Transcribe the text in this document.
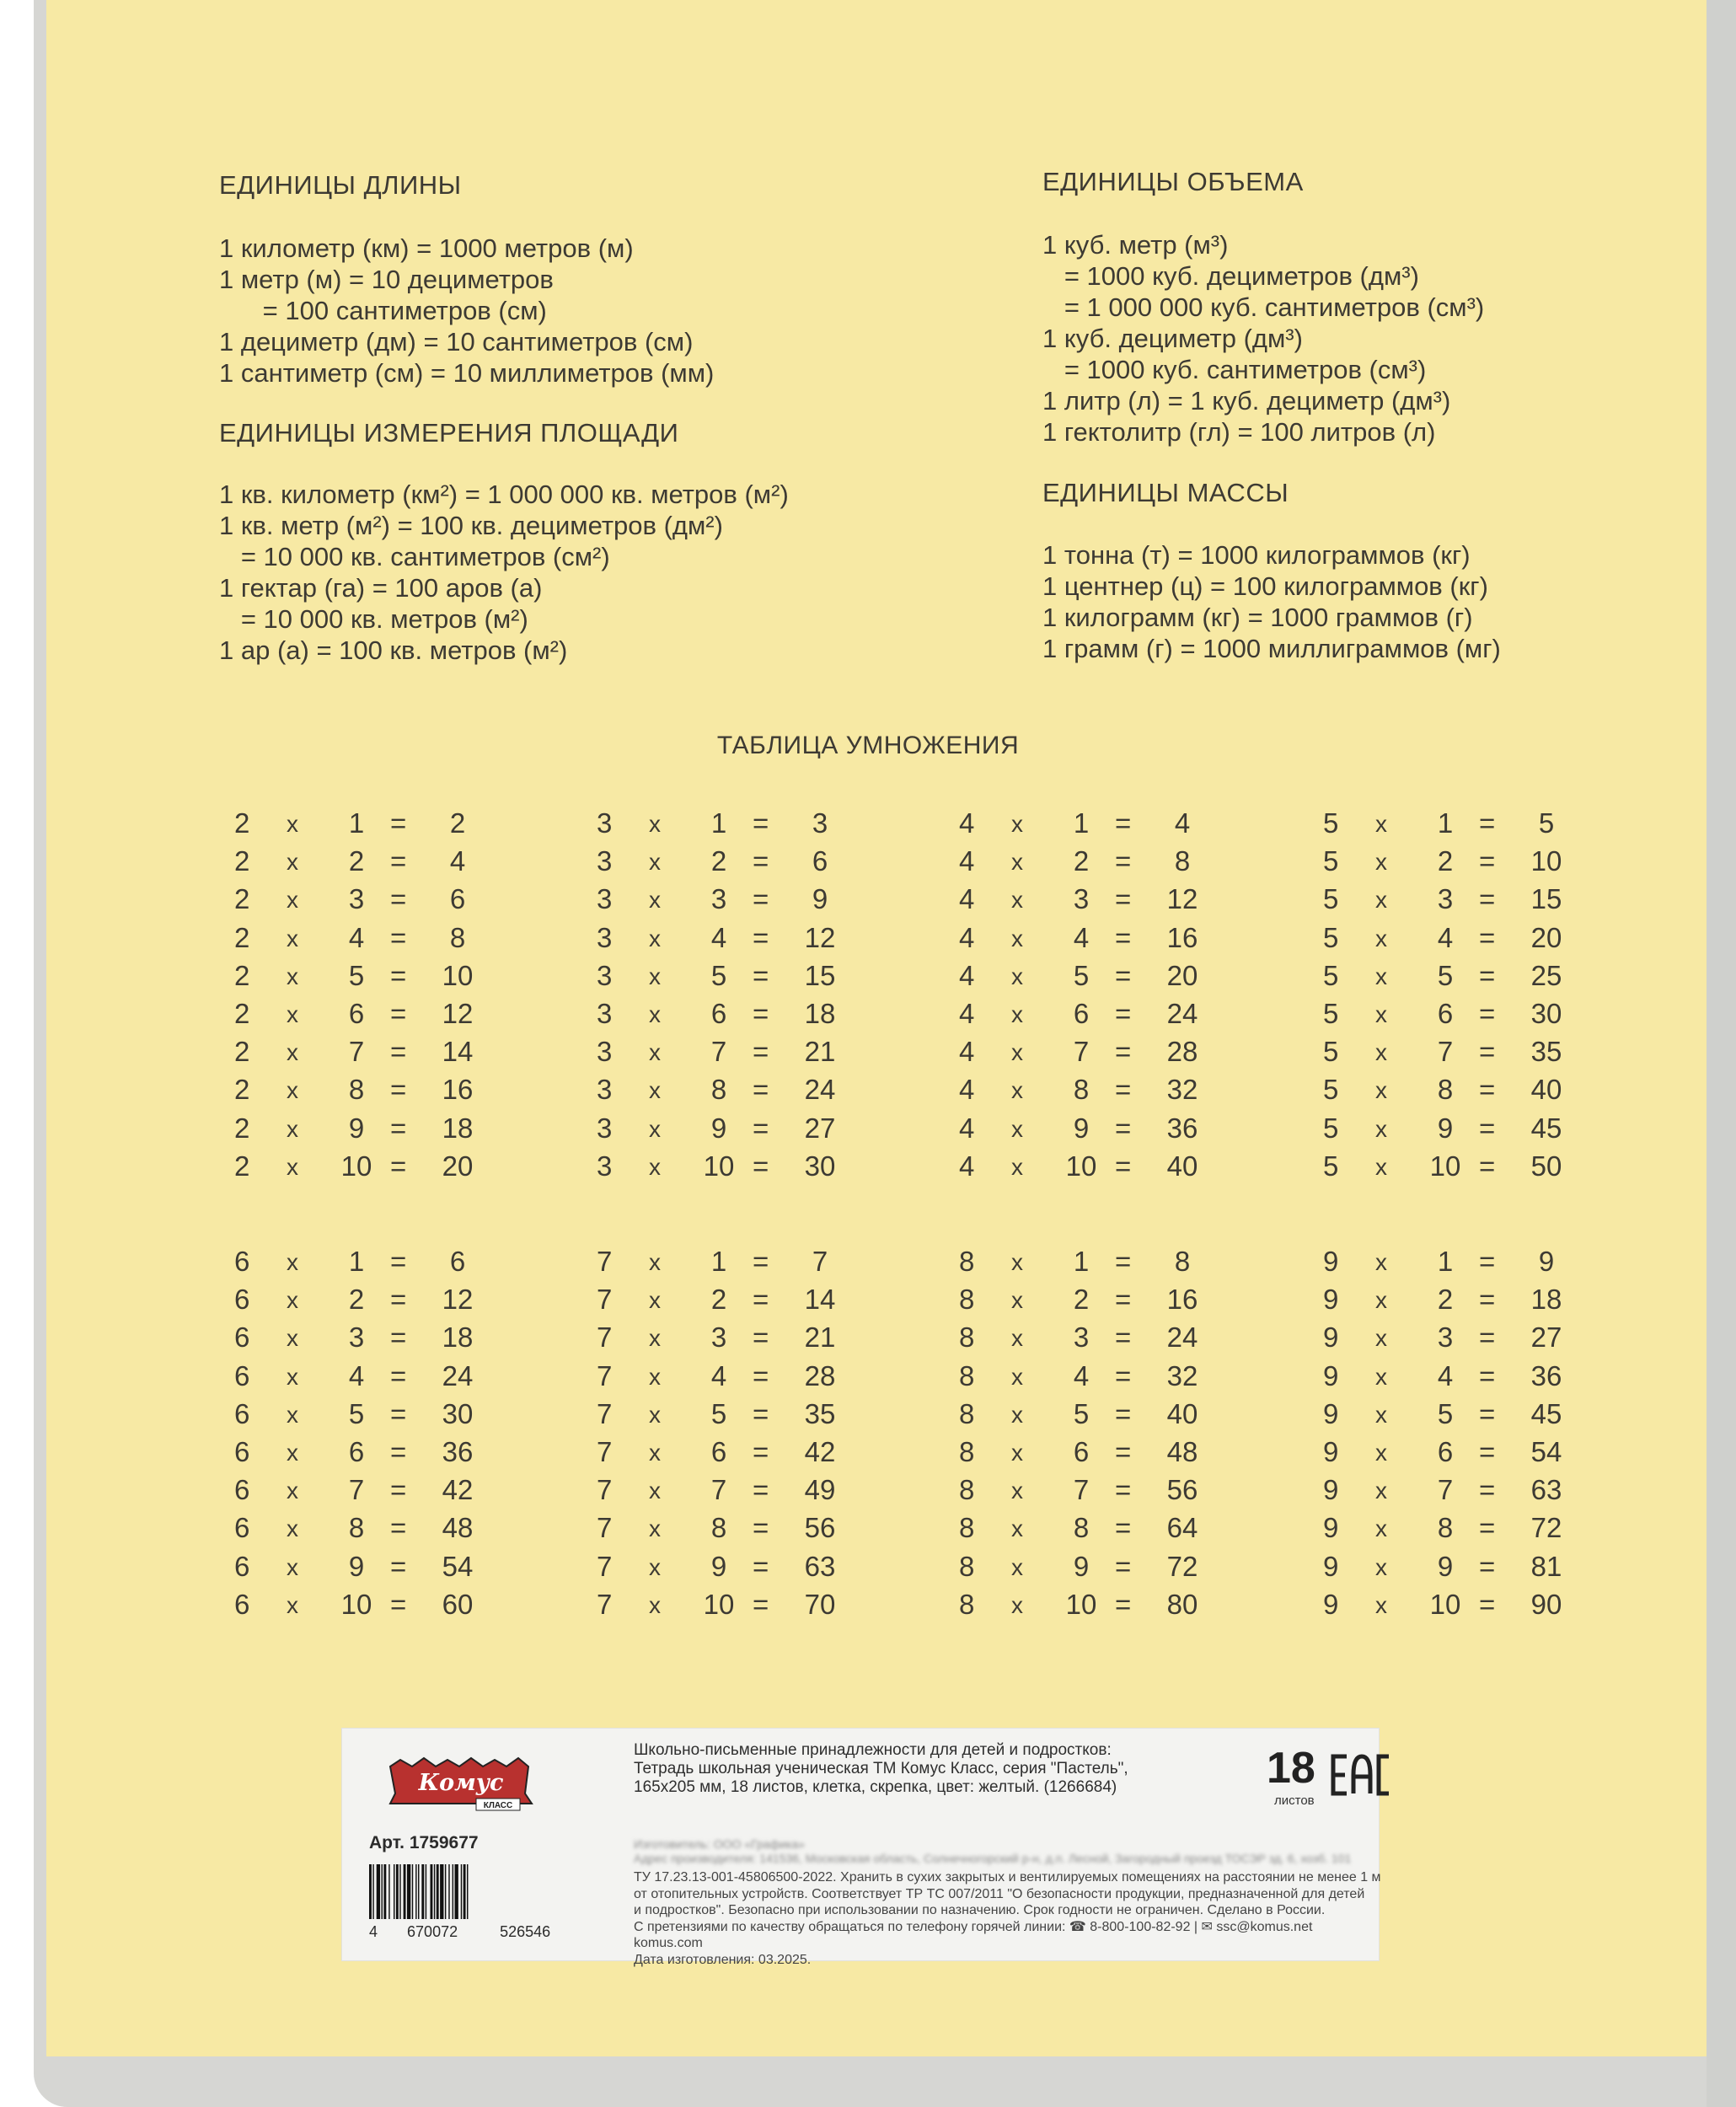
ЕДИНИЦЫ ДЛИНЫ
1 километр (км) = 1000 метров (м)
1 метр (м) = 10 дециметров
= 100 сантиметров (см)
1 дециметр (дм) = 10 сантиметров (см)
1 сантиметр (см) = 10 миллиметров (мм)
ЕДИНИЦЫ ИЗМЕРЕНИЯ ПЛОЩАДИ
1 кв. километр (км²) = 1 000 000 кв. метров (м²)
1 кв. метр (м²) = 100 кв. дециметров (дм²)
= 10 000 кв. сантиметров (см²)
1 гектар (га) = 100 аров (а)
= 10 000 кв. метров (м²)
1 ар (а) = 100 кв. метров (м²)
ЕДИНИЦЫ ОБЪЕМА
1 куб. метр (м³)
= 1000 куб. дециметров (дм³)
= 1 000 000 куб. сантиметров (см³)
1 куб. дециметр (дм³)
= 1000 куб. сантиметров (см³)
1 литр (л) = 1 куб. дециметр (дм³)
1 гектолитр (гл) = 100 литров (л)
ЕДИНИЦЫ МАССЫ
1 тонна (т) = 1000 килограммов (кг)
1 центнер (ц) = 100 килограммов (кг)
1 килограмм (кг) = 1000 граммов (г)
1 грамм (г) = 1000 миллиграммов (мг)
ТАБЛИЦА УМНОЖЕНИЯ
2 x	1 =	2
2 x	2 =	4
2 x	3 =	6
2 x	4 =	8
2 x	5 =	10
2 x	6 =	12
2 x	7 =	14
2 x	8 =	16
2 x	9 =	18
2 x 10 =	20
3 x	1 =	3
3 x	2 =	6
3 x	3 =	9
3 x	4 =	12
3 x	5 =	15
3 x	6 =	18
3 x	7 =	21
3 x	8 =	24
3 x	9 =	27
3 x 10 =	30
4 x	1 =	4
4 x	2 =	8
4 x	3 =	12
4 x	4 =	16
4 x	5 =	20
4 x	6 =	24
4 x	7 =	28
4 x	8 =	32
4 x	9 =	36
4 x 10 =	40
5 x	1 =	5
5 x	2 =	10
5 x	3 =	15
5 x	4 =	20
5 x	5 =	25
5 x	6 =	30
5 x	7 =	35
5 x	8 =	40
5 x	9 =	45
5 x 10 =	50
6 x	1 =	6
6 x	2 =	12
6 x	3 =	18
6 x	4 =	24
6 x	5 =	30
6 x	6 =	36
6 x	7 =	42
6 x	8 =	48
6 x	9 =	54
6 x 10 =	60
7 x	1 =	7
7 x	2 =	14
7 x	3 =	21
7 x	4 =	28
7 x	5 =	35
7 x	6 =	42
7 x	7 =	49
7 x	8 =	56
7 x	9 =	63
7 x 10 =	70
8 x	1 =	8
8 x	2 =	16
8 x	3 =	24
8 x	4 =	32
8 x	5 =	40
8 x	6 =	48
8 x	7 =	56
8 x	8 =	64
8 x	9 =	72
8 x 10 =	80
9 x	1 =	9
9 x	2 =	18
9 x	3 =	27
9 x	4 =	36
9 x	5 =	45
9 x	6 =	54
9 x	7 =	63
9 x	8 =	72
9 x	9 =	81
9 x 10 =	90
Комус
КЛАСС
Арт. 1759677
4 670072	526546
Школьно-письменные принадлежности для детей и подростков:
Тетрадь школьная ученическая ТМ Комус Класс, серия "Пастель",
165х205 мм, 18 листов, клетка, скрепка, цвет: желтый. (1266684)	18
листов
Изготовитель: ООО «Графика»
Адрес производителя: 141536, Московская область, Солнечногорский р-н, д.п. Лесной, Загородный проезд ТОСЭР зд. 6, хозб. 101
ТУ 17.23.13-001-45806500-2022. Хранить в сухих закрытых и вентилируемых помещениях на расстоянии не менее 1 м
от отопительных устройств. Соответствует ТР ТС 007/2011 "О безопасности продукции, предназначенной для детей
и подростков". Безопасно при использовании по назначению. Срок годности не ограничен. Сделано в России.
С претензиями по качеству обращаться по телефону горячей линии: ☎ 8-800-100-82-92 | ✉ ssc@komus.net
komus.com
Дата изготовления: 03.2025.
